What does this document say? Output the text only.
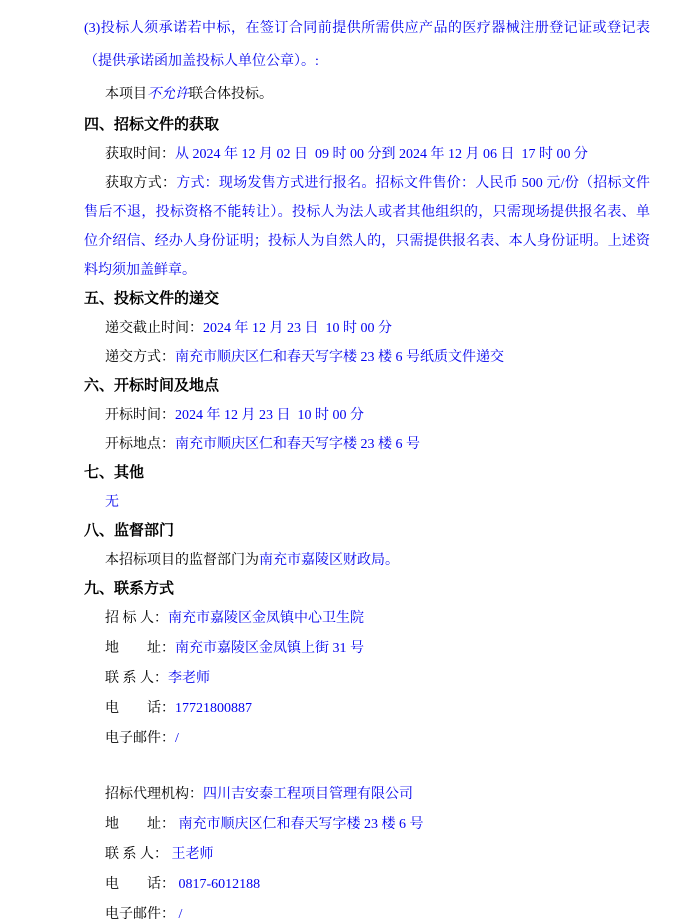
(3)投标人须承诺若中标，在签订合同前提供所需供应产品的医疗器械注册登记证或登记表（提供承诺函加盖投标人单位公章）。:
本项目不允许联合体投标。
四、招标文件的获取
获取时间：从 2024 年 12 月 02 日  09 时 00 分到 2024 年 12 月 06 日  17 时 00 分
获取方式：方式：现场发售方式进行报名。招标文件售价：人民币 500 元/份（招标文件售后不退，投标资格不能转让）。投标人为法人或者其他组织的，只需现场提供报名表、单位介绍信、经办人身份证明；投标人为自然人的，只需提供报名表、本人身份证明。上述资料均须加盖鲜章。
五、投标文件的递交
递交截止时间：2024 年 12 月 23 日  10 时 00 分
递交方式：南充市顺庆区仁和春天写字楼 23 楼 6 号纸质文件递交
六、开标时间及地点
开标时间：2024 年 12 月 23 日  10 时 00 分
开标地点：南充市顺庆区仁和春天写字楼 23 楼 6 号
七、其他
无
八、监督部门
本招标项目的监督部门为南充市嘉陵区财政局。
九、联系方式
招 标 人：南充市嘉陵区金凤镇中心卫生院
地　　址：南充市嘉陵区金凤镇上街 31 号
联 系 人：李老师
电　　话：17721800887
电子邮件：/
招标代理机构：四川吉安泰工程项目管理有限公司
地　　址： 南充市顺庆区仁和春天写字楼 23 楼 6 号
联 系 人： 王老师
电　　话： 0817-6012188
电子邮件： /
